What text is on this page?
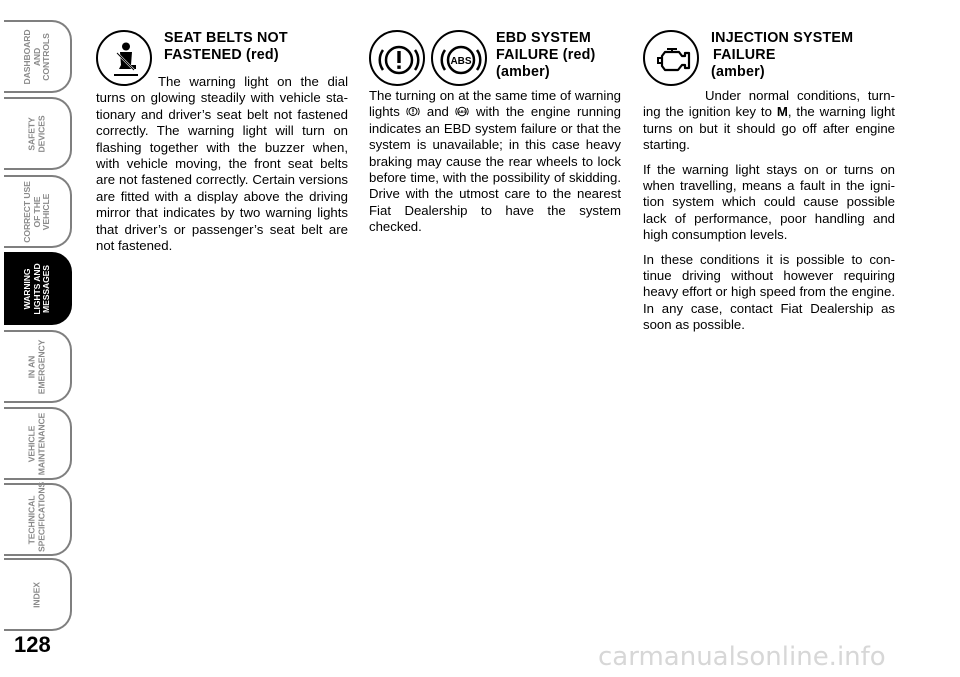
DASHBOARD
AND CONTROLS
SAFETY
DEVICES
CORRECT USE
OF THE VEHICLE
WARNING
LIGHTS AND
MESSAGES
IN AN
EMERGENCY
VEHICLE
MAINTENANCE
TECHNICAL
SPECIFICATIONS
INDEX
128
SEAT BELTS NOT
FASTENED (red)

The warning light on the dial turns on glowing steadily with vehicle stationary and driver’s seat belt not fastened correctly. The warning light will turn on flashing together with the buzzer when, with vehicle moving, the front seat belts are not fastened correctly. Certain versions are fitted with a display above the driving mirror that indicates by two warning lights that driver’s or passenger’s seat belt are not fastened.

ABS
EBD SYSTEM
FAILURE (red)
(amber)

The turning on at the same time of warning lights and	ABS with the engine running indicates an EBD system failure or that the system is unavailable; in this case heavy braking may cause the rear wheels to lock before time, with the possibility of skidding. Drive with the utmost care to the nearest Fiat Dealership to have the system checked.

INJECTION SYSTEM
FAILURE
(amber)

Under normal conditions, turning the ignition key to M, the warning light turns on but it should go off after engine starting.

If the warning light stays on or turns on when travelling, means a fault in the ignition system which could cause possible lack of performance, poor handling and high consumption levels.

In these conditions it is possible to continue driving without however requiring heavy effort or high speed from the engine. In any case, contact Fiat Dealership as soon as possible.

carmanualsonline.info
